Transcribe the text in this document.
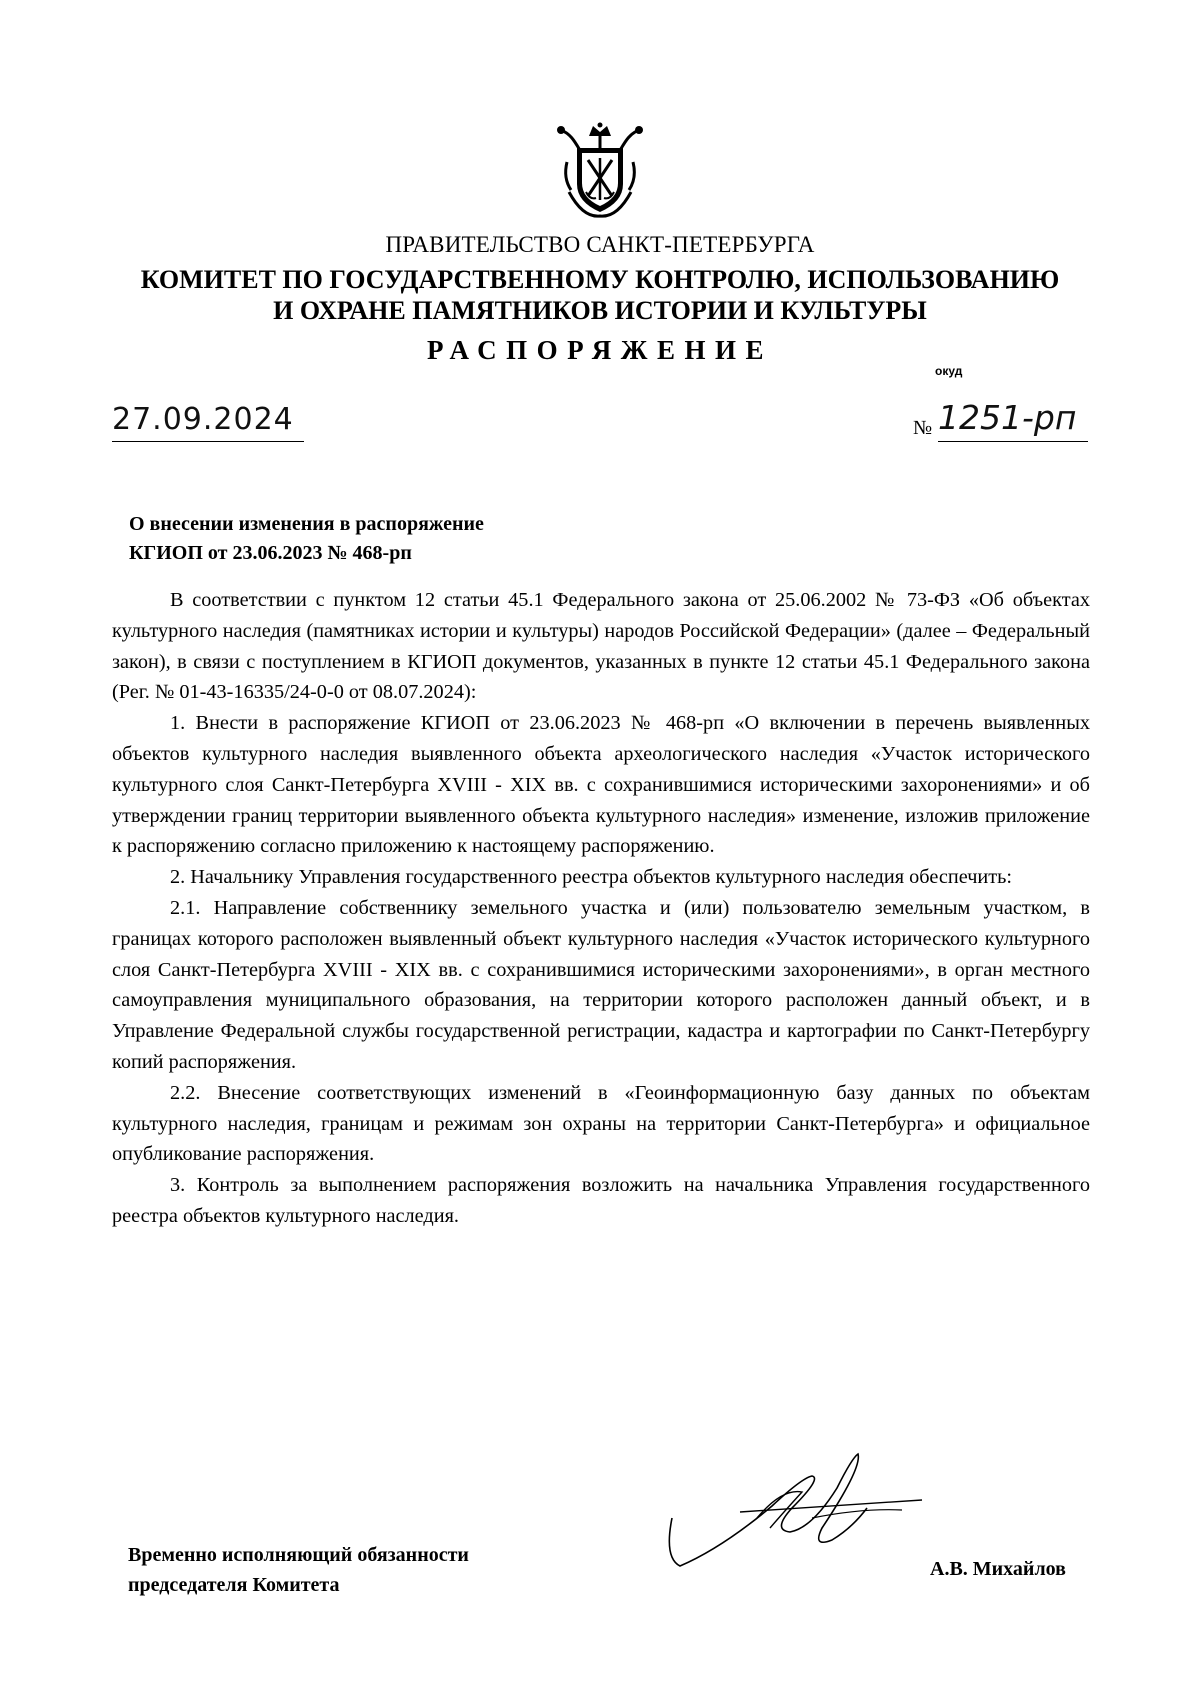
ПРАВИТЕЛЬСТВО САНКТ-ПЕТЕРБУРГА
КОМИТЕТ ПО ГОСУДАРСТВЕННОМУ КОНТРОЛЮ, ИСПОЛЬЗОВАНИЮ
И ОХРАНЕ ПАМЯТНИКОВ ИСТОРИИ И КУЛЬТУРЫ
РАСПОРЯЖЕНИЕ
окуд
27.09.2024	№ 1251-рп
О внесении изменения в распоряжение
КГИОП от 23.06.2023 № 468-рп

В соответствии с пунктом 12 статьи 45.1 Федерального закона от 25.06.2002 № 73-ФЗ «Об объектах культурного наследия (памятниках истории и культуры) народов Российской Федерации» (далее – Федеральный закон), в связи с поступлением в КГИОП документов, указанных в пункте 12 статьи 45.1 Федерального закона (Рег. № 01-43-16335/24-0-0 от 08.07.2024):

1. Внести в распоряжение КГИОП от 23.06.2023 № 468-рп «О включении в перечень выявленных объектов культурного наследия выявленного объекта археологического наследия «Участок исторического культурного слоя Санкт-Петербурга XVIII - XIX вв. с сохранившимися историческими захоронениями» и об утверждении границ территории выявленного объекта культурного наследия» изменение, изложив приложение к распоряжению согласно приложению к настоящему распоряжению.

2. Начальнику Управления государственного реестра объектов культурного наследия обеспечить:

2.1. Направление собственнику земельного участка и (или) пользователю земельным участком, в границах которого расположен выявленный объект культурного наследия «Участок исторического культурного слоя Санкт-Петербурга XVIII - XIX вв. с сохранившимися историческими захоронениями», в орган местного самоуправления муниципального образования, на территории которого расположен данный объект, и в Управление Федеральной службы государственной регистрации, кадастра и картографии по Санкт-Петербургу копий распоряжения.

2.2. Внесение соответствующих изменений в «Геоинформационную базу данных по объектам культурного наследия, границам и режимам зон охраны на территории Санкт-Петербурга» и официальное опубликование распоряжения.

3. Контроль за выполнением распоряжения возложить на начальника Управления государственного реестра объектов культурного наследия.

Временно исполняющий обязанности
председателя Комитета
А.В. Михайлов
